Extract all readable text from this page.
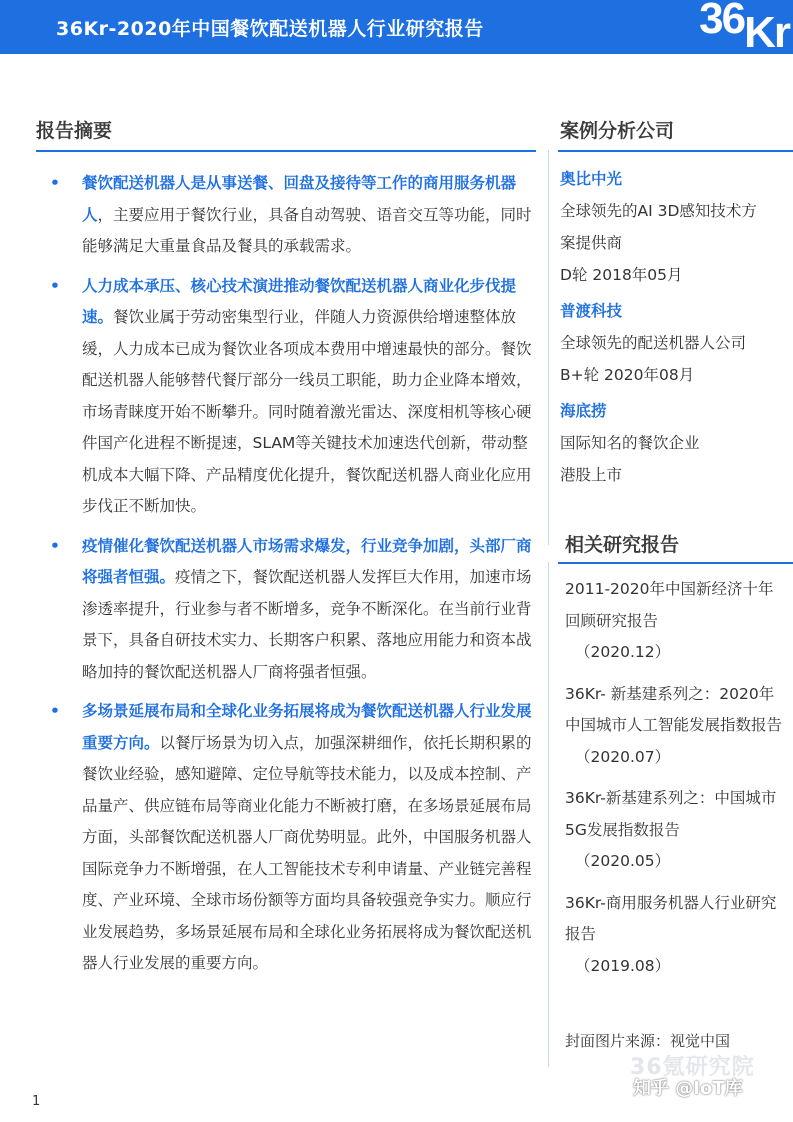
36Kr-2020年中国餐饮配送机器人行业研究报告	36Kr
报告摘要
• 餐饮配送机器人是从事送餐、回盘及接待等工作的商用服务机器人，主要应用于餐饮行业，具备自动驾驶、语音交互等功能，同时能够满足大重量食品及餐具的承载需求。
• 人力成本承压、核心技术演进推动餐饮配送机器人商业化步伐提速。餐饮业属于劳动密集型行业，伴随人力资源供给增速整体放缓，人力成本已成为餐饮业各项成本费用中增速最快的部分。餐饮配送机器人能够替代餐厅部分一线员工职能，助力企业降本增效，市场青睐度开始不断攀升。同时随着激光雷达、深度相机等核心硬件国产化进程不断提速，SLAM等关键技术加速迭代创新，带动整机成本大幅下降、产品精度优化提升，餐饮配送机器人商业化应用步伐正不断加快。
• 疫情催化餐饮配送机器人市场需求爆发，行业竞争加剧，头部厂商将强者恒强。疫情之下，餐饮配送机器人发挥巨大作用，加速市场渗透率提升，行业参与者不断增多，竞争不断深化。在当前行业背景下，具备自研技术实力、长期客户积累、落地应用能力和资本战略加持的餐饮配送机器人厂商将强者恒强。
• 多场景延展布局和全球化业务拓展将成为餐饮配送机器人行业发展重要方向。以餐厅场景为切入点，加强深耕细作，依托长期积累的餐饮业经验，感知避障、定位导航等技术能力，以及成本控制、产品量产、供应链布局等商业化能力不断被打磨，在多场景延展布局方面，头部餐饮配送机器人厂商优势明显。此外，中国服务机器人国际竞争力不断增强，在人工智能技术专利申请量、产业链完善程度、产业环境、全球市场份额等方面均具备较强竞争实力。顺应行业发展趋势，多场景延展布局和全球化业务拓展将成为餐饮配送机器人行业发展的重要方向。
案例分析公司
奥比中光
全球领先的AI 3D感知技术方
案提供商
D轮 2018年05月
普渡科技
全球领先的配送机器人公司
B+轮 2020年08月
海底捞
国际知名的餐饮企业
港股上市
相关研究报告
2011-2020年中国新经济十年回顾研究报告
（2020.12）
36Kr- 新基建系列之：2020年中国城市人工智能发展指数报告
（2020.07）
36Kr-新基建系列之：中国城市5G发展指数报告
（2020.05）
36Kr-商用服务机器人行业研究报告
（2019.08）
封面图片来源：视觉中国
36氪研究院
知乎 @IoT库
1
